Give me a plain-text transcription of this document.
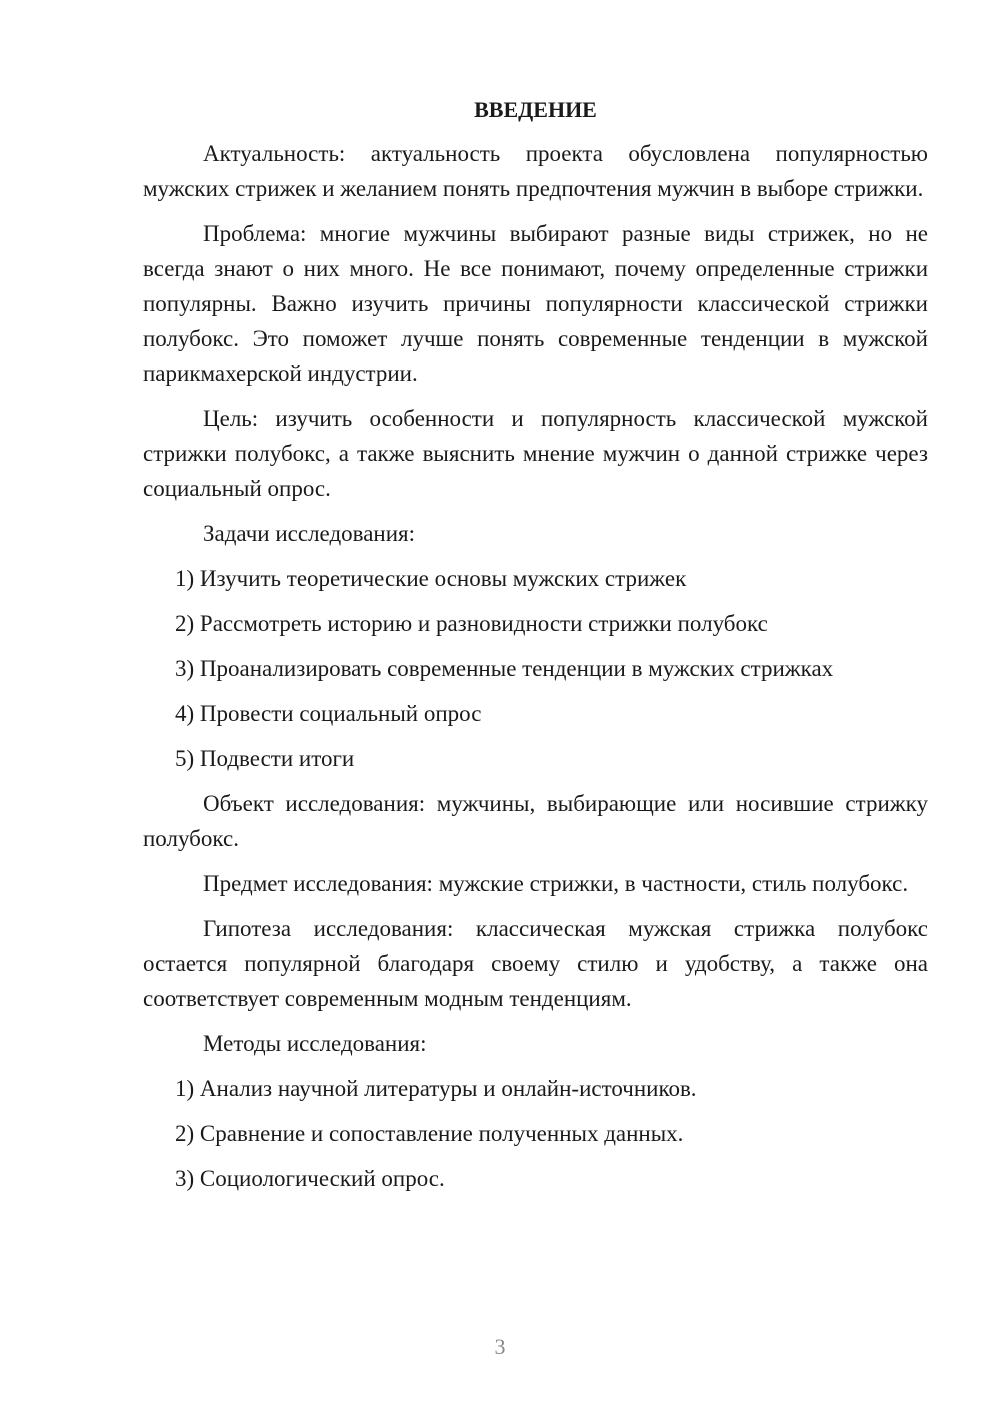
ВВЕДЕНИЕ

Актуальность: актуальность проекта обусловлена популярностью мужских стрижек и желанием понять предпочтения мужчин в выборе стрижки.

Проблема: многие мужчины выбирают разные виды стрижек, но не всегда знают о них много. Не все понимают, почему определенные стрижки популярны. Важно изучить причины популярности классической стрижки полубокс. Это поможет лучше понять современные тенденции в мужской парикмахерской индустрии.

Цель: изучить особенности и популярность классической мужской стрижки полубокс, а также выяснить мнение мужчин о данной стрижке через социальный опрос.

Задачи исследования:

1) Изучить теоретические основы мужских стрижек
2) Рассмотреть историю и разновидности стрижки полубокс
3) Проанализировать современные тенденции в мужских стрижках
4) Провести социальный опрос
5) Подвести итоги

Объект исследования: мужчины, выбирающие или носившие стрижку полубокс.

Предмет исследования: мужские стрижки, в частности, стиль полубокс.

Гипотеза исследования: классическая мужская стрижка полубокс остается популярной благодаря своему стилю и удобству, а также она соответствует современным модным тенденциям.

Методы исследования:

1) Анализ научной литературы и онлайн-источников.
2) Сравнение и сопоставление полученных данных.
3) Социологический опрос.
3
